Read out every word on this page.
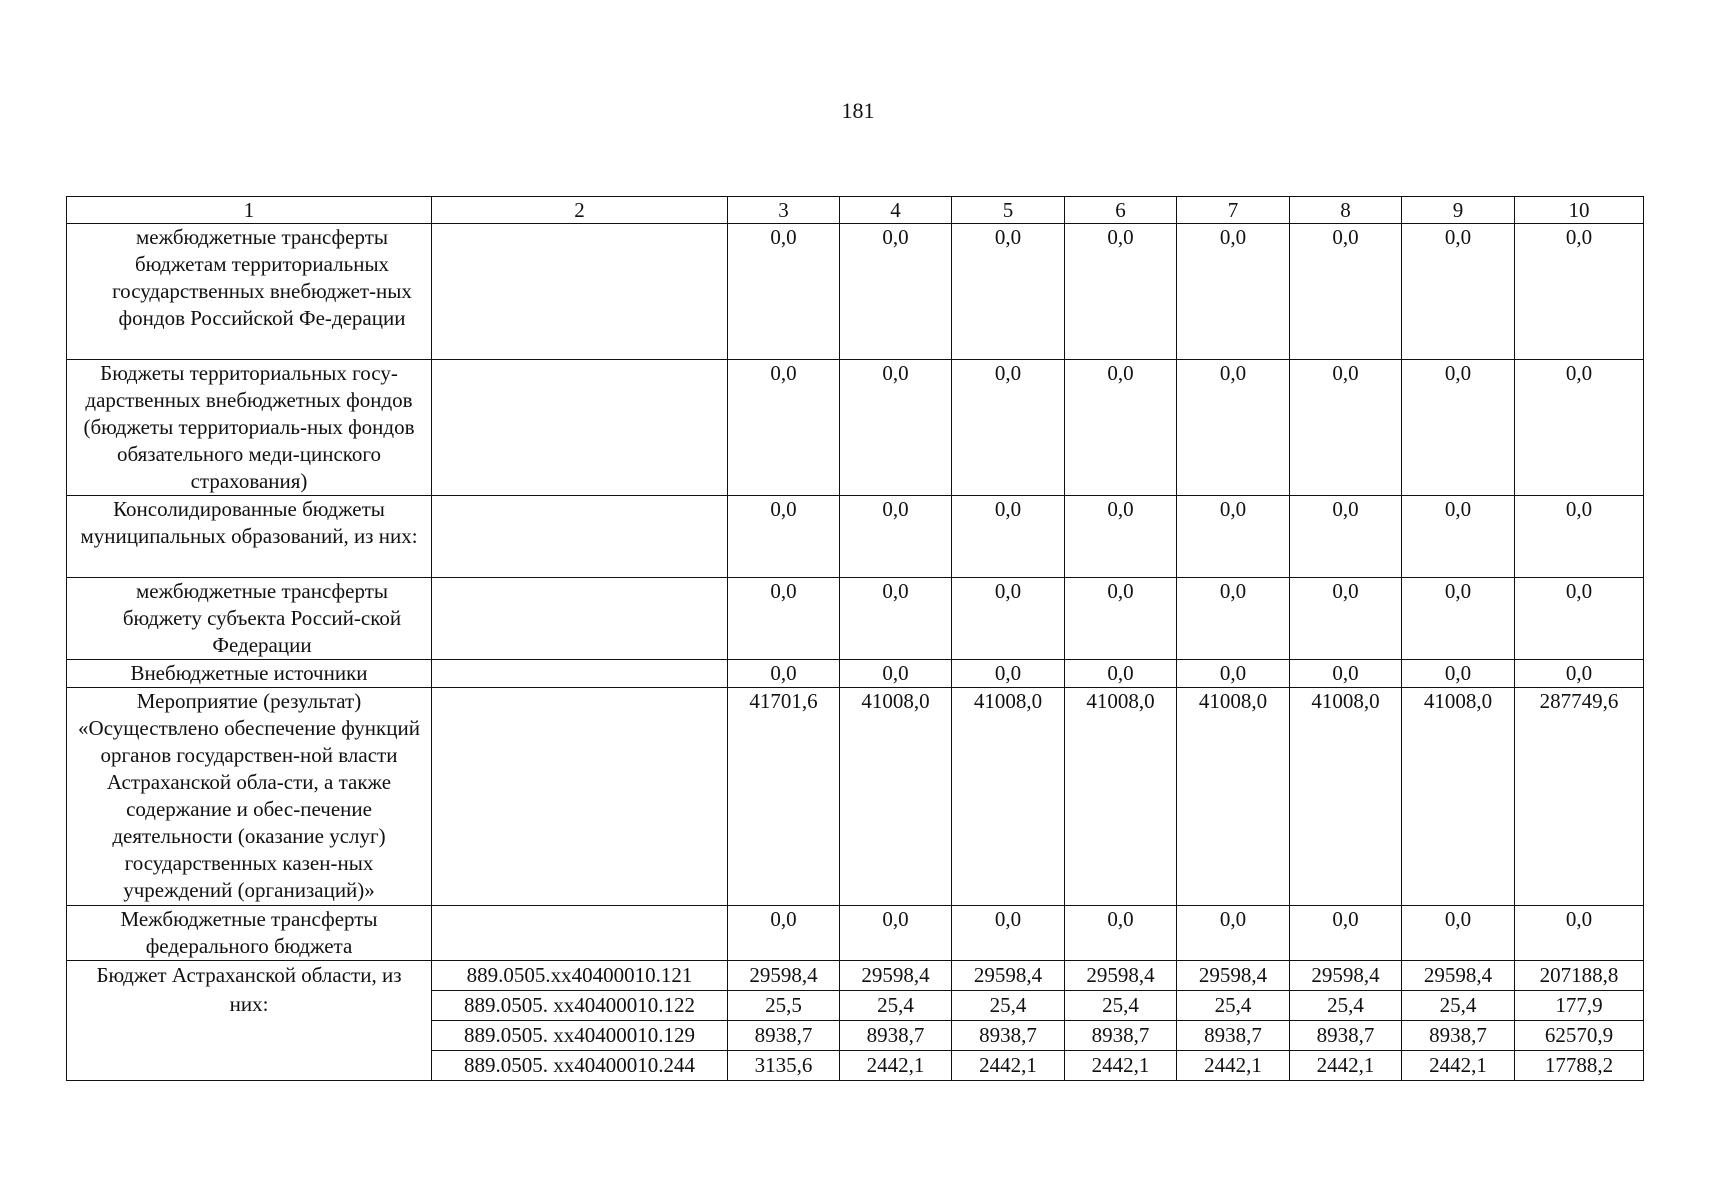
181
1	2	3	4	5	6	7	8	9	10

межбюджетные трансферты бюджетам территориальных государственных внебюджет-ных фондов Российской Фе-дерации		0,0	0,0	0,0	0,0	0,0	0,0	0,0	0,0
Бюджеты территориальных госу-дарственных внебюджетных фондов (бюджеты территориаль-ных фондов обязательного меди-цинского страхования)		0,0	0,0	0,0	0,0	0,0	0,0	0,0	0,0
Консолидированные бюджеты муниципальных образований, из них:		0,0	0,0	0,0	0,0	0,0	0,0	0,0	0,0

межбюджетные трансферты бюджету субъекта Россий-ской Федерации		0,0	0,0	0,0	0,0	0,0	0,0	0,0	0,0
Внебюджетные источники		0,0	0,0	0,0	0,0	0,0	0,0	0,0	0,0
Мероприятие (результат) «Осуществлено обеспечение функций органов государствен-ной власти Астраханской обла-сти, а также содержание и обес-печение деятельности (оказание услуг) государственных казен-ных учреждений (организаций)»		41701,6	41008,0	41008,0	41008,0	41008,0	41008,0	41008,0	287749,6
Межбюджетные трансферты федерального бюджета		0,0	0,0	0,0	0,0	0,0	0,0	0,0	0,0
Бюджет Астраханской области, из них:	889.0505.xx40400010.121	29598,4	29598,4	29598,4	29598,4	29598,4	29598,4	29598,4	207188,8
	889.0505. xx40400010.122	25,5	25,4	25,4	25,4	25,4	25,4	25,4	177,9
	889.0505. xx40400010.129	8938,7	8938,7	8938,7	8938,7	8938,7	8938,7	8938,7	62570,9
	889.0505. xx40400010.244	3135,6	2442,1	2442,1	2442,1	2442,1	2442,1	2442,1	17788,2
